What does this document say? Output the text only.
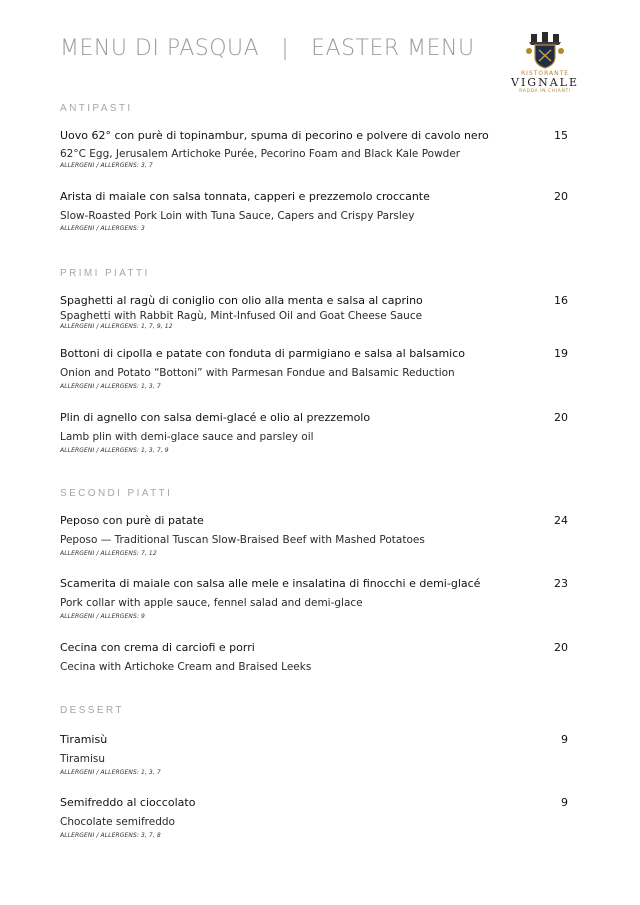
MENU DI PASQUA | EASTER MENU
RISTORANTE
VIGNALE
RADDA IN CHIANTI
ANTIPASTI
Uovo 62° con purè di topinambur, spuma di pecorino e polvere di cavolo nero
62°C Egg, Jerusalem Artichoke Purée, Pecorino Foam and Black Kale Powder
ALLERGENI / ALLERGENS: 3, 7
15
Arista di maiale con salsa tonnata, capperi e prezzemolo croccante
Slow-Roasted Pork Loin with Tuna Sauce, Capers and Crispy Parsley
ALLERGENI / ALLERGENS: 3
20
PRIMI PIATTI
Spaghetti al ragù di coniglio con olio alla menta e salsa al caprino
Spaghetti with Rabbit Ragù, Mint-Infused Oil and Goat Cheese Sauce
ALLERGENI / ALLERGENS: 1, 7, 9, 12
16
Bottoni di cipolla e patate con fonduta di parmigiano e salsa al balsamico
Onion and Potato “Bottoni” with Parmesan Fondue and Balsamic Reduction
ALLERGENI / ALLERGENS: 1, 3, 7
19
Plin di agnello con salsa demi-glacé e olio al prezzemolo
Lamb plin with demi-glace sauce and parsley oil
ALLERGENI / ALLERGENS: 1, 3, 7, 9
20
SECONDI PIATTI
Peposo con purè di patate
Peposo — Traditional Tuscan Slow-Braised Beef with Mashed Potatoes
ALLERGENI / ALLERGENS: 7, 12
24
Scamerita di maiale con salsa alle mele e insalatina di finocchi e demi-glacé
Pork collar with apple sauce, fennel salad and demi-glace
ALLERGENI / ALLERGENS: 9
23
Cecina con crema di carciofi e porri
Cecina with Artichoke Cream and Braised Leeks
20
DESSERT
Tiramisù
Tiramisu
ALLERGENI / ALLERGENS: 1, 3, 7
9
Semifreddo al cioccolato
Chocolate semifreddo
ALLERGENI / ALLERGENS: 3, 7, 8
9
